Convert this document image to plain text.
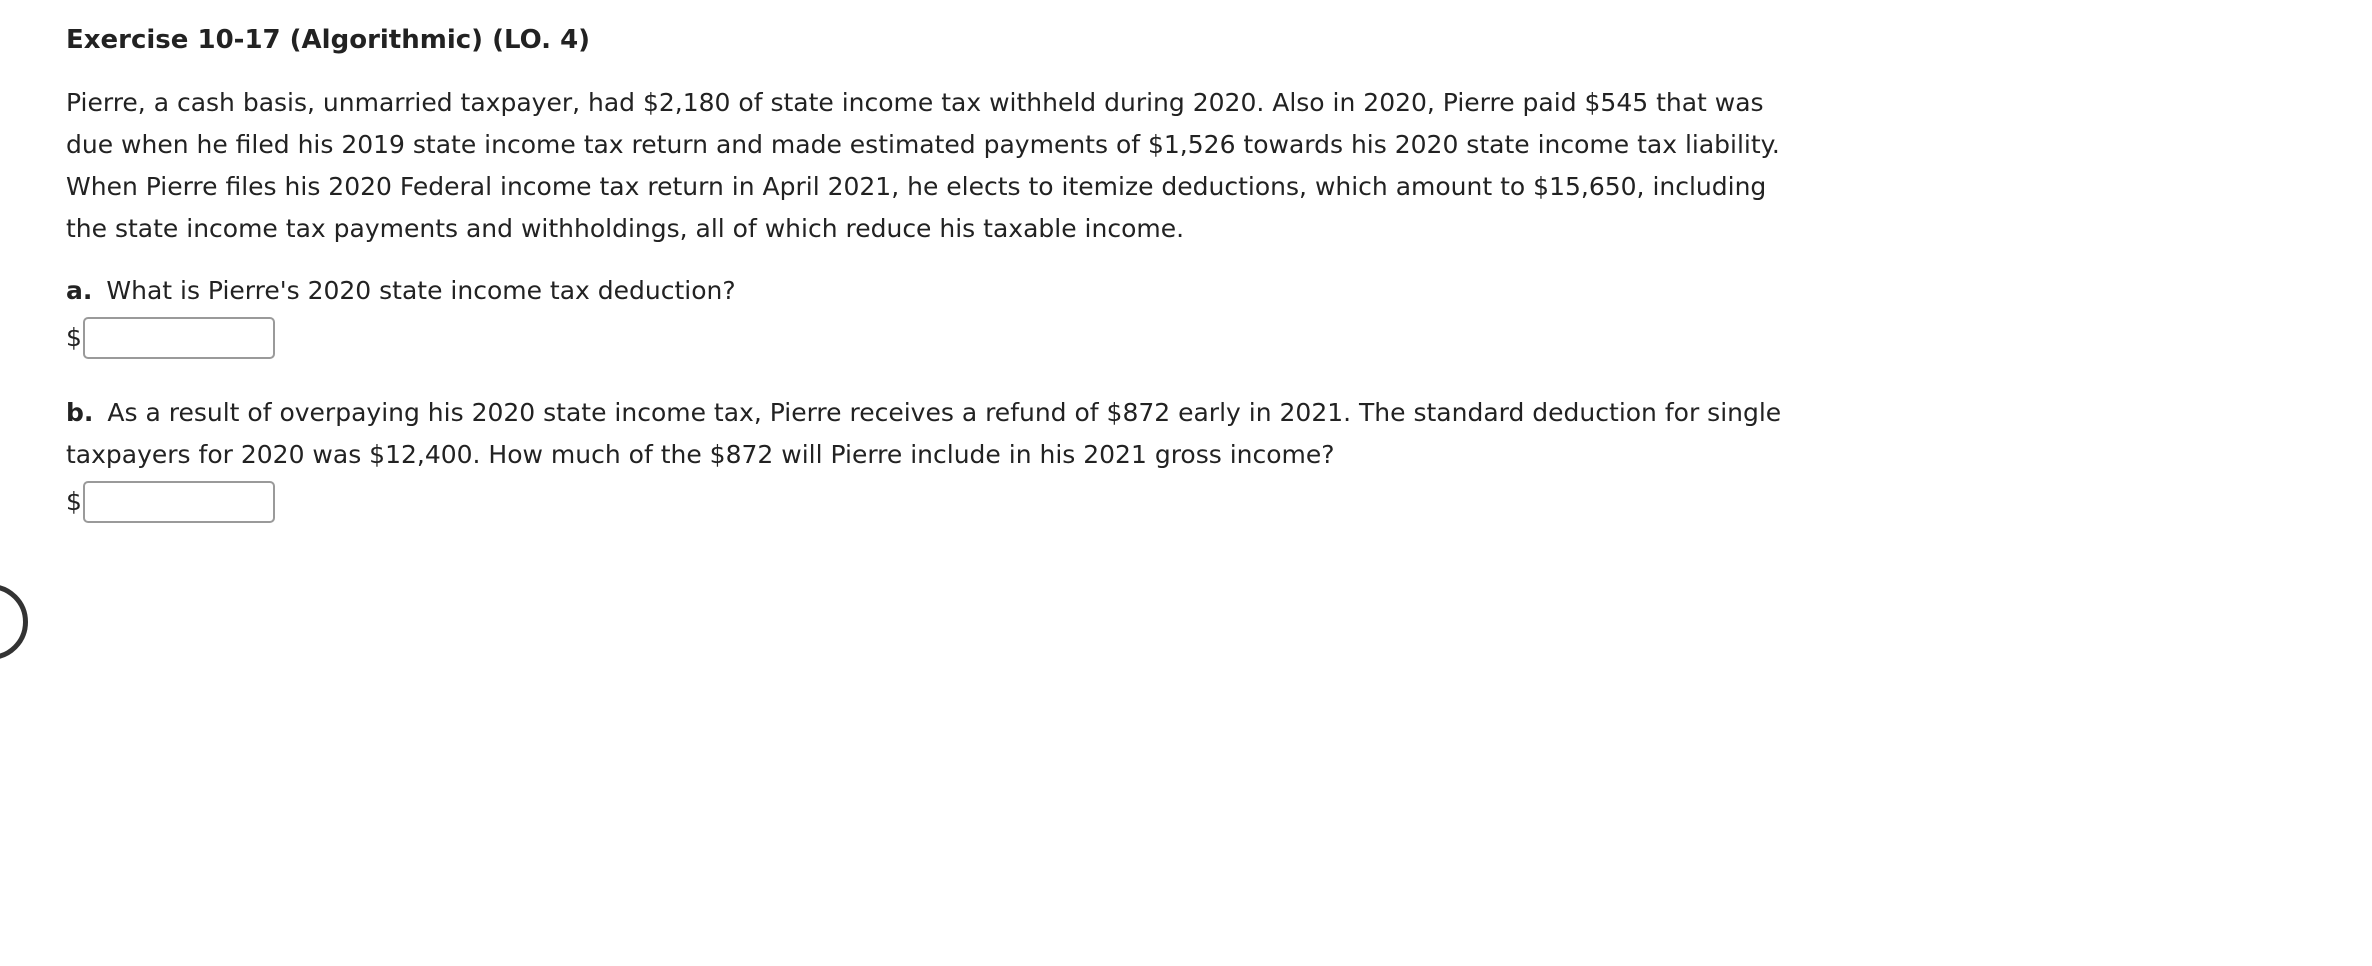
Exercise 10-17 (Algorithmic) (LO. 4)
Pierre, a cash basis, unmarried taxpayer, had $2,180 of state income tax withheld during 2020. Also in 2020, Pierre paid $545 that was due when he filed his 2019 state income tax return and made estimated payments of $1,526 towards his 2020 state income tax liability. When Pierre files his 2020 Federal income tax return in April 2021, he elects to itemize deductions, which amount to $15,650, including the state income tax payments and withholdings, all of which reduce his taxable income.
a. What is Pierre's 2020 state income tax deduction?
$
b. As a result of overpaying his 2020 state income tax, Pierre receives a refund of $872 early in 2021. The standard deduction for single taxpayers for 2020 was $12,400. How much of the $872 will Pierre include in his 2021 gross income?
$
